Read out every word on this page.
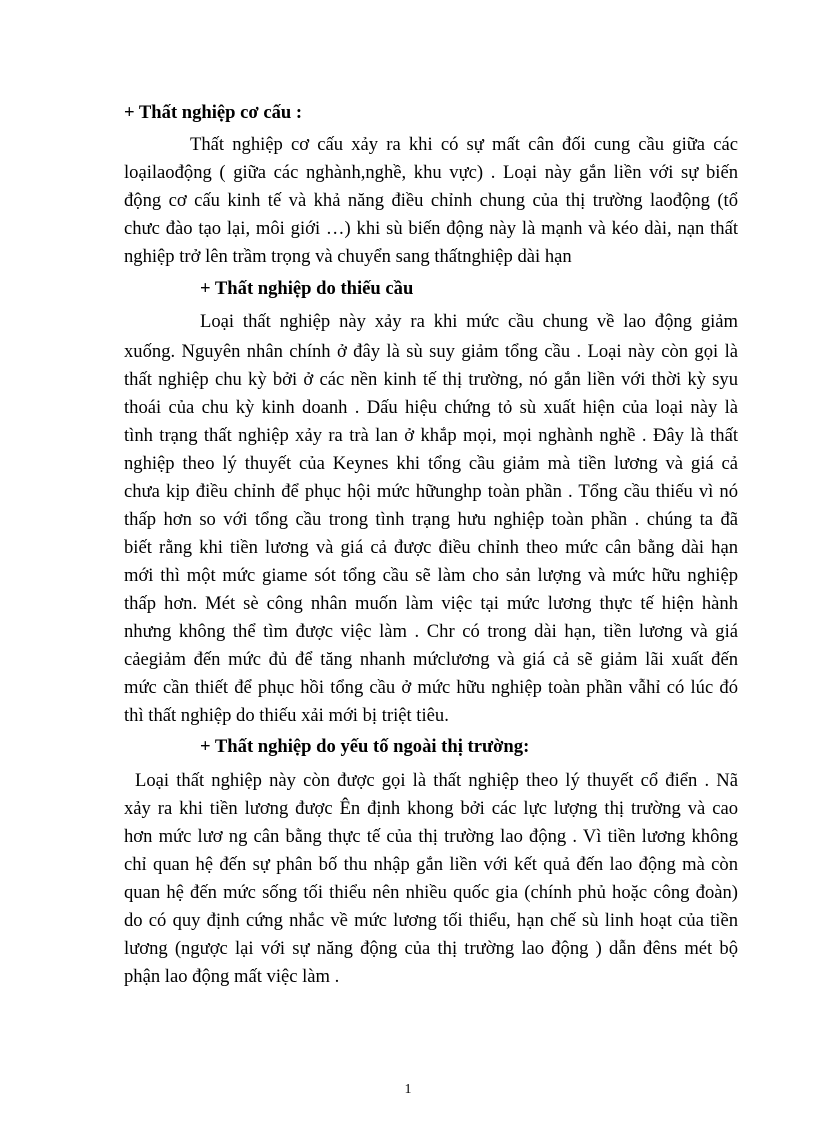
+ Thất nghiệp cơ cấu :
Thất nghiệp cơ cấu xảy ra khi có sự mất cân đối cung cầu giữa các
loạilaođộng ( giữa các nghành,nghề, khu vực) . Loại này gắn liền với sự biến
động cơ cấu kinh tế và khả năng điều chỉnh chung của thị trường laođộng (tổ
chưc đào tạo lại, môi giới …) khi sù biến động này là mạnh và kéo dài, nạn thất
nghiệp trở lên trầm trọng và chuyển sang thấtnghiệp dài hạn
+ Thất nghiệp do thiếu cầu
Loại thất nghiệp này xảy ra khi mức cầu chung về lao động giảm
xuống. Nguyên nhân chính ở đây là sù suy giảm tổng cầu . Loại này còn gọi là
thất nghiệp chu kỳ bởi ở các nền kinh tế thị trường, nó gắn liền với thời kỳ syu
thoái của chu kỳ kinh doanh . Dấu hiệu chứng tỏ sù xuất hiện của loại này là
tình trạng thất nghiệp xảy ra trà lan ở khắp mọi, mọi nghành nghề . Đây là thất
nghiệp theo lý thuyết của Keynes khi tổng cầu giảm mà tiền lương và giá cả
chưa kịp điều chỉnh để phục hội mức hữunghp toàn phần . Tổng cầu thiếu vì nó
thấp hơn so với tổng cầu trong tình trạng hưu nghiệp toàn phần . chúng ta đã
biết rằng khi tiền lương và giá cả được điều chỉnh theo mức cân bằng dài hạn
mới thì một mức giame sót tổng cầu sẽ làm cho sản lượng và mức hữu nghiệp
thấp hơn. Mét sè công nhân muốn làm việc tại mức lương thực tế hiện hành
nhưng không thể tìm được việc làm . Chr có trong dài hạn, tiền lương và giá
cảegiảm đến mức đủ để tăng nhanh mứclương và giá cả sẽ giảm lãi xuất đến
mức cần thiết để phục hồi tổng cầu ở mức hữu nghiệp toàn phần vẫhỉ có lúc đó
thì thất nghiệp do thiếu xải mới bị triệt tiêu.
+ Thất nghiệp do yếu tố ngoài thị trường:
Loại thất nghiệp này còn được gọi là thất nghiệp theo lý thuyết cổ điển . Nã
xảy ra khi tiền lương được Ên định khong bởi các lực lượng thị trường và cao
hơn mức lươ ng cân bằng thực tế của thị trường lao động . Vì tiền lương không
chỉ quan hệ đến sự phân bố thu nhập gắn liền với kết quả đến lao động mà còn
quan hệ đến mức sống tối thiểu nên nhiều quốc gia (chính phủ hoặc công đoàn)
do có quy định cứng nhắc về mức lương tối thiểu, hạn chế sù linh hoạt của tiền
lương (ngược lại với sự năng động của thị trường lao động ) dẫn đêns mét bộ
phận lao động mất việc làm .
1
